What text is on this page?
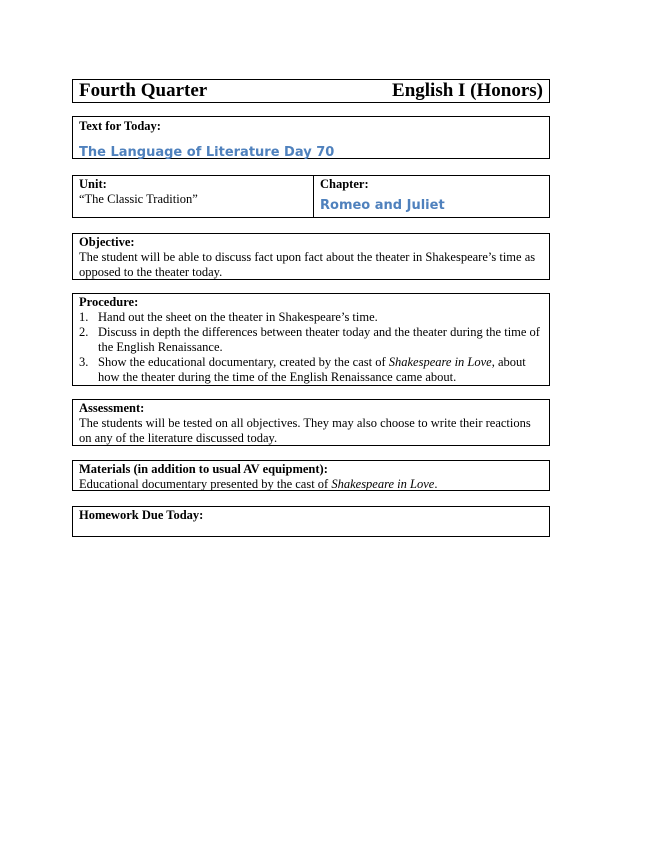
Fourth Quarter	English I (Honors)
Text for Today:
The Language of Literature Day 70
Unit:
“The Classic Tradition”
Chapter:
Romeo and Juliet
Objective:
The student will be able to discuss fact upon fact about the theater in Shakespeare’s time as opposed to the theater today.
Procedure:
1. Hand out the sheet on the theater in Shakespeare’s time.
2. Discuss in depth the differences between theater today and the theater during the time of the English Renaissance.
3. Show the educational documentary, created by the cast of Shakespeare in Love, about how the theater during the time of the English Renaissance came about.
Assessment:
The students will be tested on all objectives. They may also choose to write their reactions on any of the literature discussed today.
Materials (in addition to usual AV equipment):
Educational documentary presented by the cast of Shakespeare in Love.
Homework Due Today:
